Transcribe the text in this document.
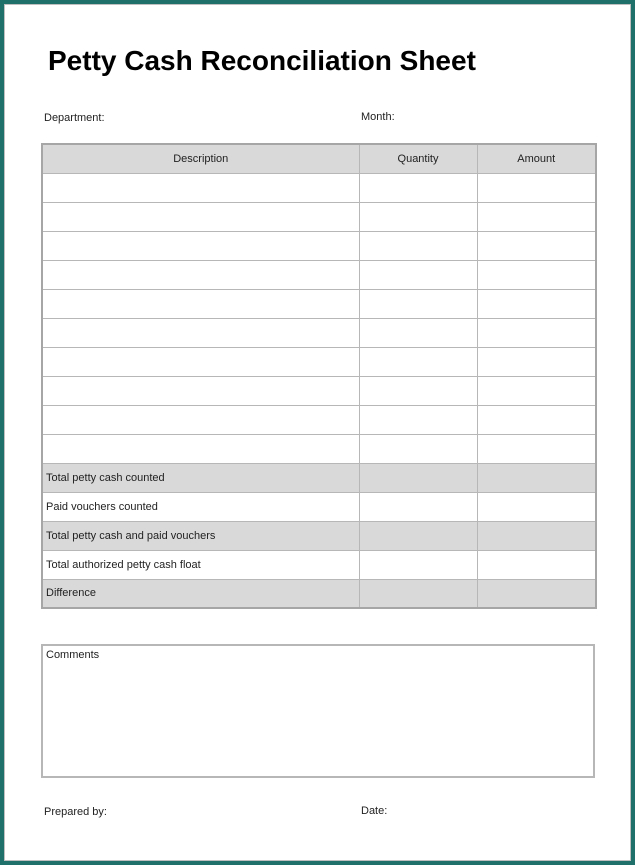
Petty Cash Reconciliation Sheet
Department:	Month:
Description	Quantity	Amount

Total petty cash counted		
Paid vouchers counted		
Total petty cash and paid vouchers		
Total authorized petty cash float		
Difference		
Comments
Prepared by:	Date:
